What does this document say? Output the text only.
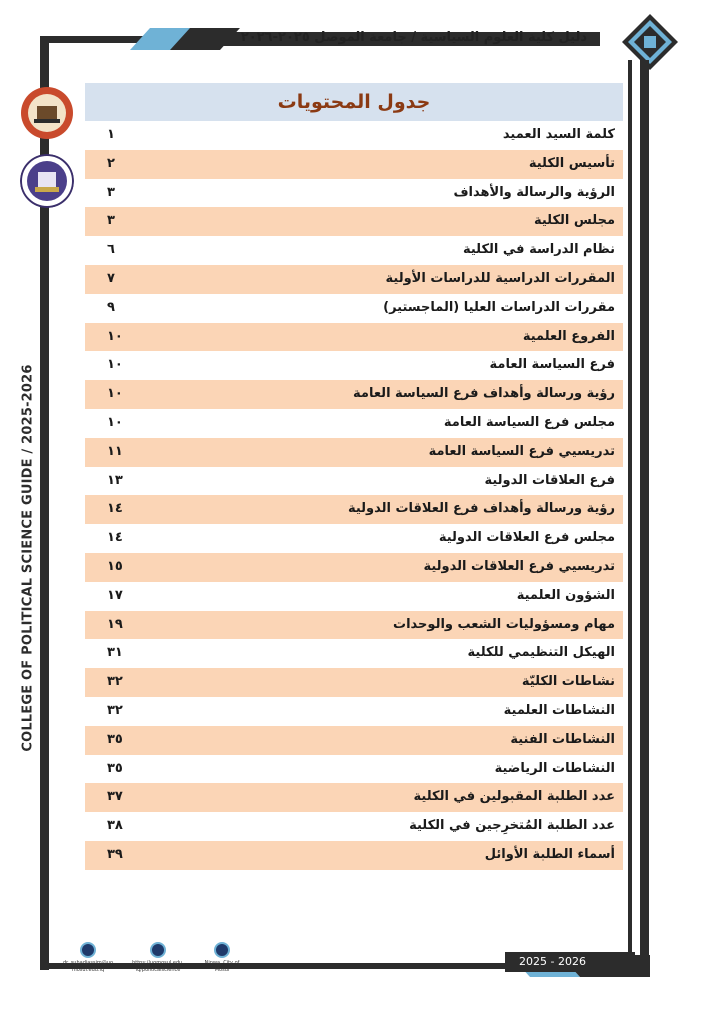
دليل كلية العلوم السياسية / جامعة الموصل ٢٠٢٥-٢٠٢٦
COLLEGE OF POLITICAL SCIENCE GUIDE / 2025-2026
جدول المحتويات
كلمة السيد العميد
١
تأسيس الكلية
٢
الرؤية والرسالة والأهداف
٣
مجلس الكلية
٣
نظام الدراسة في الكلية
٦
المقررات الدراسية للدراسات الأولية
٧
مقررات الدراسات العليا (الماجستير)
٩
الفروع العلمية
١٠
فرع السياسة العامة
١٠
رؤية ورسالة وأهداف فرع السياسة العامة
١٠
مجلس فرع السياسة العامة
١٠
تدريسيي فرع السياسة العامة
١١
فرع العلاقات الدولية
١٣
رؤية ورسالة وأهداف فرع العلاقات الدولية
١٤
مجلس فرع العلاقات الدولية
١٤
تدريسيي فرع العلاقات الدولية
١٥
الشؤون العلمية
١٧
مهام ومسؤوليات الشعب والوحدات
١٩
الهيكل التنظيمي للكلية
٣١
نشاطات الكليّة
٣٢
النشاطات العلمية
٣٢
النشاطات الفنية
٣٥
النشاطات الرياضية
٣٥
عدد الطلبة المقبولين في الكلية
٣٧
عدد الطلبة المُتخرِجين في الكلية
٣٨
أسماء الطلبة الأوائل
٣٩
2025 - 2026
dr_suhadjassim@uo
mosul.edu.iq
https://uomosul.edu.
iq/politicalscience
Ninwa, City of
Mosul
